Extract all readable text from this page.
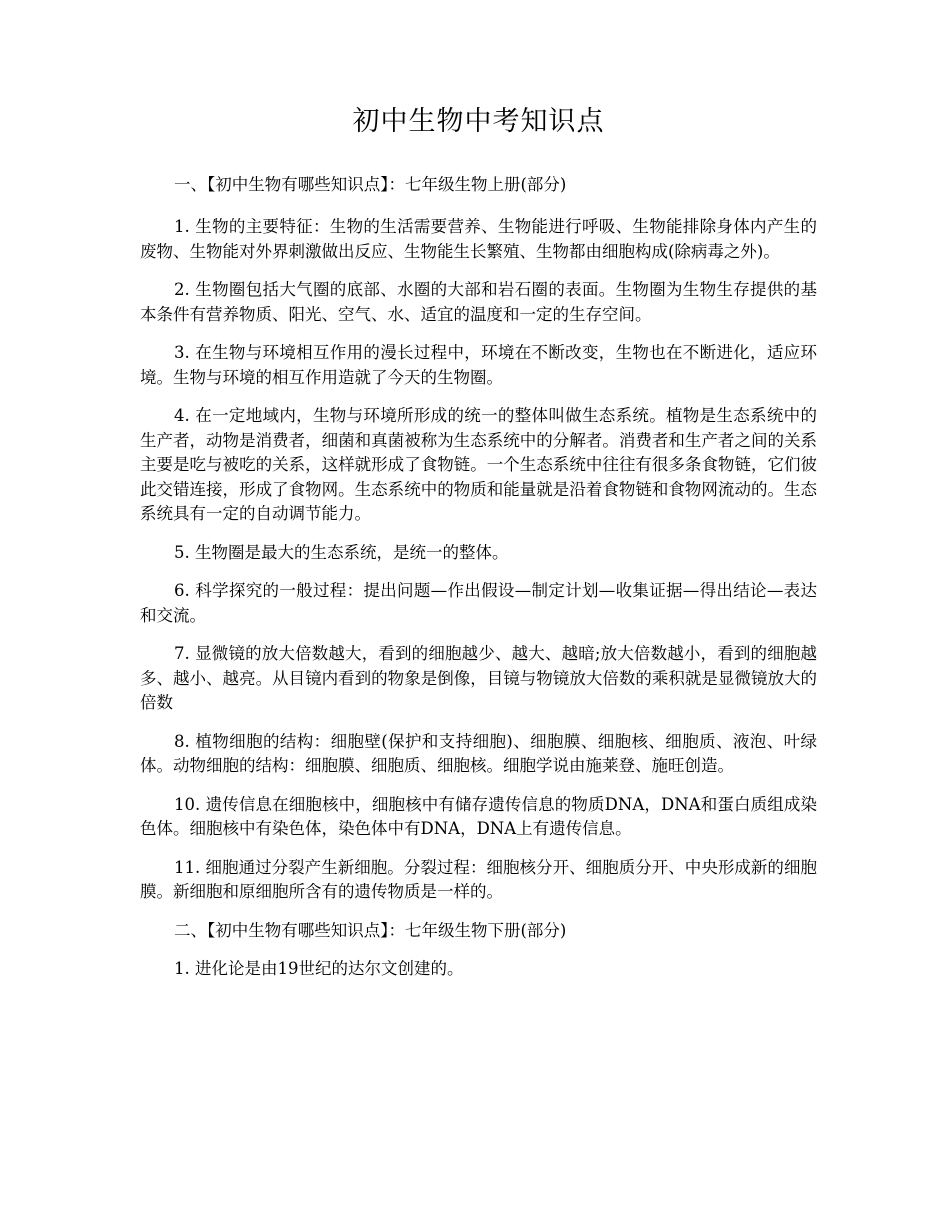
初中生物中考知识点

一、【初中生物有哪些知识点】：七年级生物上册(部分)

1. 生物的主要特征：生物的生活需要营养、生物能进行呼吸、生物能排除身体内产生的废物、生物能对外界刺激做出反应、生物能生长繁殖、生物都由细胞构成(除病毒之外)。

2. 生物圈包括大气圈的底部、水圈的大部和岩石圈的表面。生物圈为生物生存提供的基本条件有营养物质、阳光、空气、水、适宜的温度和一定的生存空间。

3. 在生物与环境相互作用的漫长过程中，环境在不断改变，生物也在不断进化，适应环境。生物与环境的相互作用造就了今天的生物圈。

4. 在一定地域内，生物与环境所形成的统一的整体叫做生态系统。植物是生态系统中的生产者，动物是消费者，细菌和真菌被称为生态系统中的分解者。消费者和生产者之间的关系主要是吃与被吃的关系，这样就形成了食物链。一个生态系统中往往有很多条食物链，它们彼此交错连接，形成了食物网。生态系统中的物质和能量就是沿着食物链和食物网流动的。生态系统具有一定的自动调节能力。

5. 生物圈是最大的生态系统，是统一的整体。

6. 科学探究的一般过程：提出问题—作出假设—制定计划—收集证据—得出结论—表达和交流。

7. 显微镜的放大倍数越大，看到的细胞越少、越大、越暗;放大倍数越小，看到的细胞越多、越小、越亮。从目镜内看到的物象是倒像，目镜与物镜放大倍数的乘积就是显微镜放大的倍数

8. 植物细胞的结构：细胞壁(保护和支持细胞)、细胞膜、细胞核、细胞质、液泡、叶绿体。动物细胞的结构：细胞膜、细胞质、细胞核。细胞学说由施莱登、施旺创造。

10. 遗传信息在细胞核中，细胞核中有储存遗传信息的物质DNA，DNA和蛋白质组成染色体。细胞核中有染色体，染色体中有DNA，DNA上有遗传信息。

11. 细胞通过分裂产生新细胞。分裂过程：细胞核分开、细胞质分开、中央形成新的细胞膜。新细胞和原细胞所含有的遗传物质是一样的。

二、【初中生物有哪些知识点】：七年级生物下册(部分)

1. 进化论是由19世纪的达尔文创建的。
